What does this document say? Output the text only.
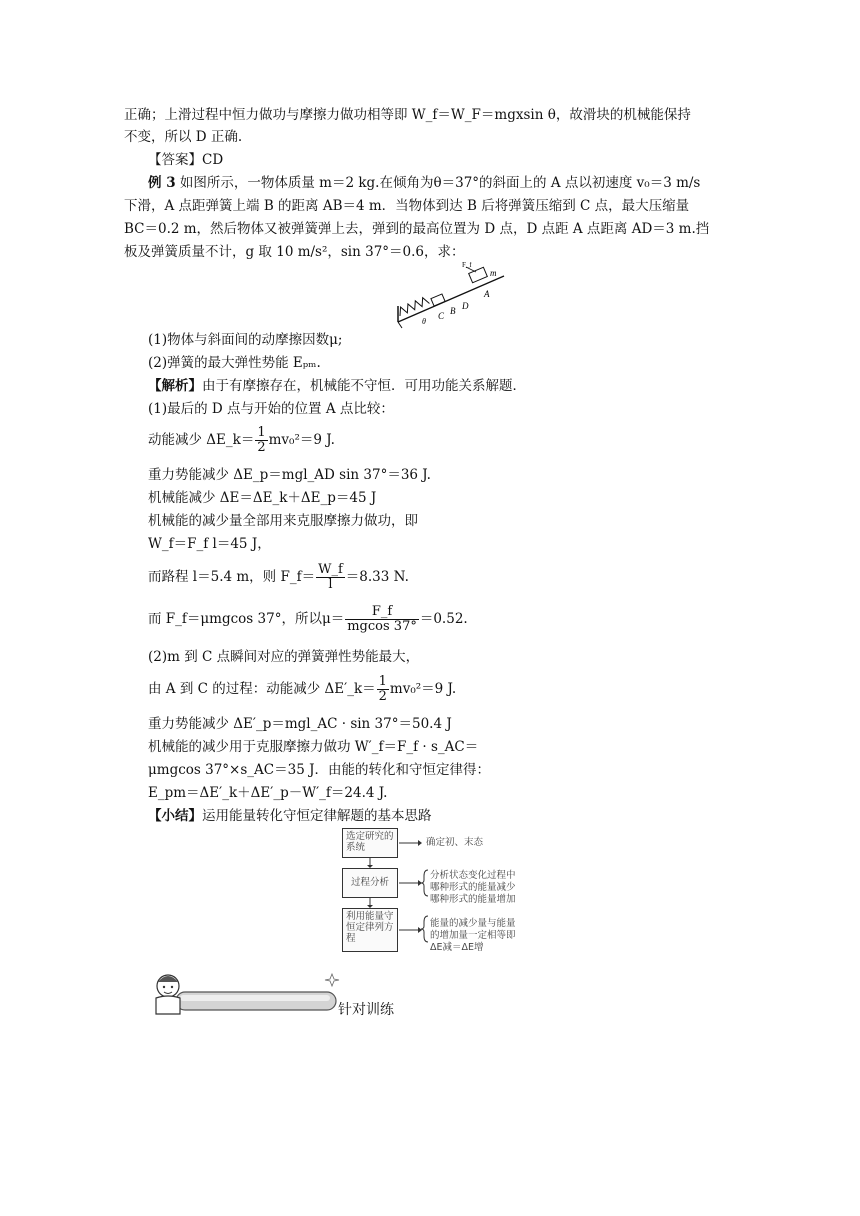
正确；上滑过程中恒力做功与摩擦力做功相等即 W_f＝W_F＝mgxsin θ，故滑块的机械能保持
不变，所以 D 正确.
【答案】CD
例 3 如图所示，一物体质量 m＝2 kg.在倾角为θ＝37°的斜面上的 A 点以初速度 v₀＝3 m/s
下滑，A 点距弹簧上端 B 的距离 AB＝4 m．当物体到达 B 后将弹簧压缩到 C 点，最大压缩量
BC＝0.2 m，然后物体又被弹簧弹上去，弹到的最高位置为 D 点，D 点距 A 点距离 AD＝3 m.挡
板及弹簧质量不计，g 取 10 m/s²，sin 37°＝0.6，求：
F_f
m
A
B
C
D
θ
(1)物体与斜面间的动摩擦因数μ;
(2)弹簧的最大弹性势能 Eₚₘ.
【解析】由于有摩擦存在，机械能不守恒．可用功能关系解题．
(1)最后的 D 点与开始的位置 A 点比较：
动能减少 ΔE_k＝ $\frac{1}{2} mv_0^2=9$ J.
重力势能减少 ΔE_p＝mgl_AD sin 37°＝36 J.
机械能减少 ΔE＝ΔE_k＋ΔE_p＝45 J
机械能的减少量全部用来克服摩擦力做功，即
W_f＝F_f l＝45 J，
而路程 l＝5.4 m，则 F_f＝ $\frac{W\_f}{l} =8.33$ N.
而 F_f＝μmgcos 37°，所以$\mu= \frac{F\_f}{mgcos 37^\circ} =0.52$.
(2)m 到 C 点瞬间对应的弹簧弹性势能最大，
由 A 到 C 的过程：动能减少 ΔE′_k＝ $\frac{1}{2} mv_0^2=9$ J.
重力势能减少 ΔE′_p＝mgl_AC · sin 37°＝50.4 J
机械能的减少用于克服摩擦力做功 W′_f＝F_f · s_AC＝
μmgcos 37°×s_AC＝35 J．由能的转化和守恒定律得：
E_pm＝ΔE′_k＋ΔE′_p－W′_f＝24.4 J.
【小结】运用能量转化守恒定律解题的基本思路
选定研究的系统
过程分析
利用能量守恒定律列方程
确定初、末态
分析状态变化过程中
哪种形式的能量减少
哪种形式的能量增加
能量的减少量与能量
的增加量一定相等即
ΔE减＝ΔE增
针对训练
